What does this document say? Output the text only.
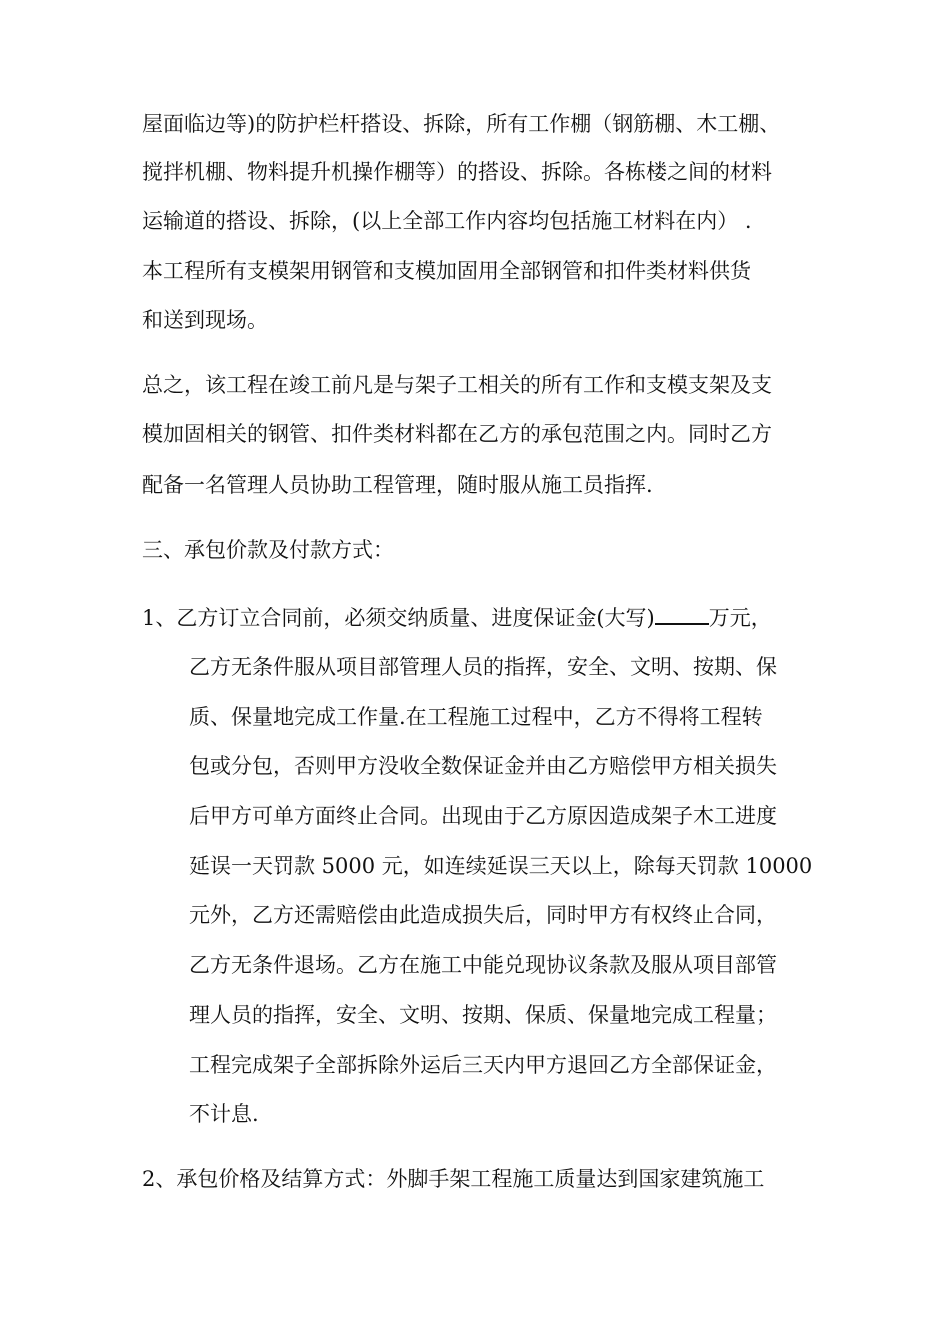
屋面临边等)的防护栏杆搭设、拆除，所有工作棚（钢筋棚、木工棚、
搅拌机棚、物料提升机操作棚等）的搭设、拆除。各栋楼之间的材料
运输道的搭设、拆除，(以上全部工作内容均包括施工材料在内） .
本工程所有支模架用钢管和支模加固用全部钢管和扣件类材料供货
和送到现场。
总之，该工程在竣工前凡是与架子工相关的所有工作和支模支架及支
模加固相关的钢管、扣件类材料都在乙方的承包范围之内。同时乙方
配备一名管理人员协助工程管理，随时服从施工员指挥.
三、承包价款及付款方式：
1、乙方订立合同前，必须交纳质量、进度保证金(大写)	万元，
乙方无条件服从项目部管理人员的指挥，安全、文明、按期、保
质、保量地完成工作量.在工程施工过程中，乙方不得将工程转
包或分包，否则甲方没收全数保证金并由乙方赔偿甲方相关损失
后甲方可单方面终止合同。出现由于乙方原因造成架子木工进度
延误一天罚款 5000 元，如连续延误三天以上，除每天罚款 10000
元外，乙方还需赔偿由此造成损失后，同时甲方有权终止合同，
乙方无条件退场。乙方在施工中能兑现协议条款及服从项目部管
理人员的指挥，安全、文明、按期、保质、保量地完成工程量；
工程完成架子全部拆除外运后三天内甲方退回乙方全部保证金，
不计息.
2、承包价格及结算方式：外脚手架工程施工质量达到国家建筑施工
